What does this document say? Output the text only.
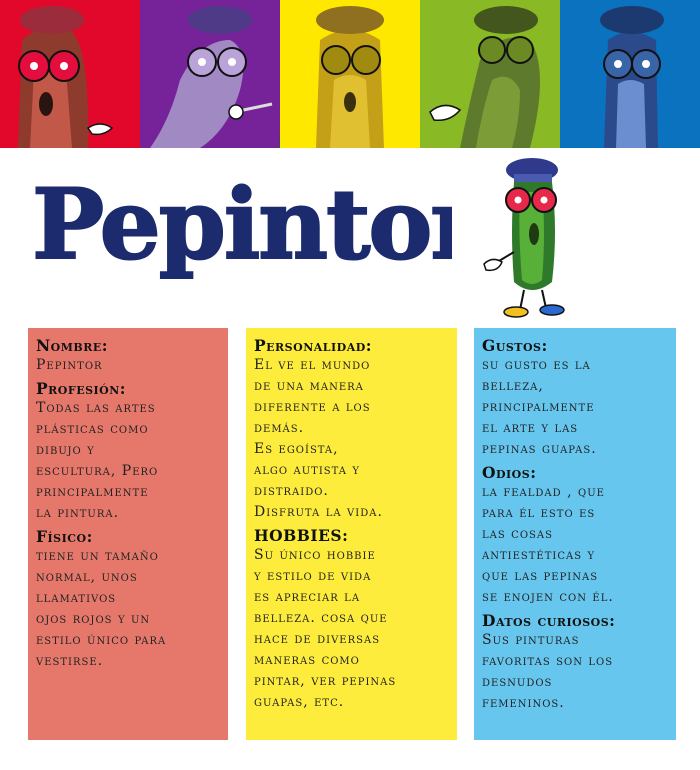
Pepintor
Nombre:

Pepintor

Profesión:

Todas las artes
plásticas como
dibujo y
escultura, Pero
principalmente
la pintura.

Físico:

tiene un tamaño
normal, unos
llamativos
ojos rojos y un
estilo único para
vestirse.

Personalidad:

El ve el mundo
de una manera
diferente a los
demás.
Es egoísta,
algo autista y
distraido.
Disfruta la vida.

HOBBIES:

Su único hobbie
y estilo de vida
es apreciar la
belleza. cosa que
hace de diversas
maneras como
pintar, ver pepinas
guapas, etc.

Gustos:

su gusto es la
belleza,
principalmente
el arte y las
pepinas guapas.

Odios:

la fealdad , que
para él esto es
las cosas
antiestéticas y
que las pepinas
se enojen con él.

Datos curiosos:

Sus pinturas
favoritas son los
desnudos
femeninos.
